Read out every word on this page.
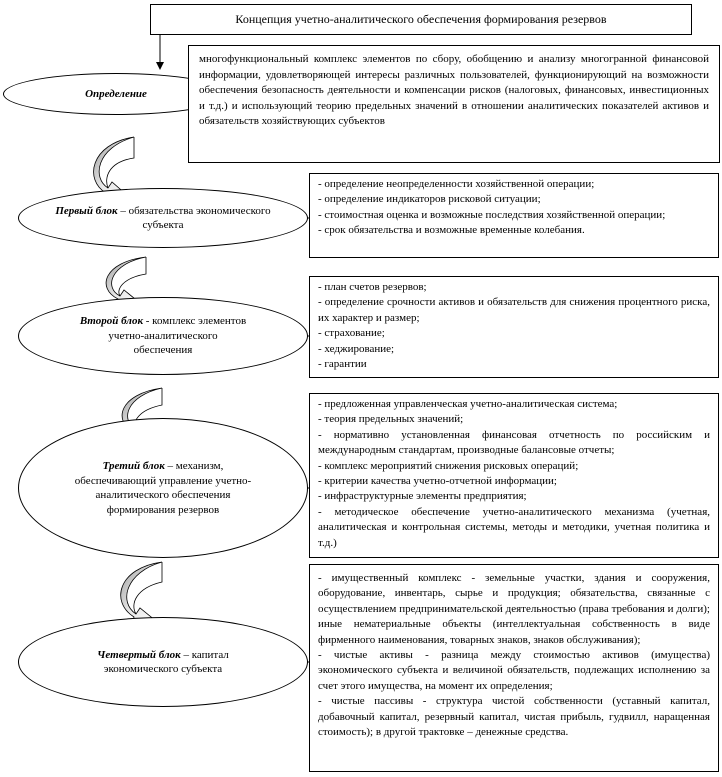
Концепция учетно-аналитического обеспечения формирования резервов
Определение
многофункциональный комплекс элементов по сбору, обобщению и анализу многогранной финансовой информации, удовлетворяющей интересы различных пользователей, функционирующий на возможности обеспечения безопасность деятельности и компенсации рисков (налоговых, финансовых, инвестиционных и т.д.) и использующий теорию предельных значений в отношении аналитических показателей активов и обязательств хозяйствующих субъектов
Первый блок – обязательства экономического субъекта
- определение неопределенности хозяйственной операции;
- определение индикаторов рисковой ситуации;
- стоимостная оценка и возможные последствия хозяйственной операции;
- срок обязательства и возможные временные колебания.
Второй блок - комплекс элементов учетно-аналитического обеспечения
- план счетов резервов;
- определение срочности активов и обязательств для снижения процентного риска, их характер и размер;
- страхование;
- хеджирование;
- гарантии
Третий блок – механизм, обеспечивающий управление учетно-аналитического обеспечения формирования резервов
- предложенная управленческая учетно-аналитическая система;
- теория предельных значений;
- нормативно установленная финансовая отчетность по российским и международным стандартам, производные балансовые отчеты;
- комплекс мероприятий снижения рисковых операций;
- критерии качества учетно-отчетной информации;
- инфраструктурные элементы предприятия;
- методическое обеспечение учетно-аналитического механизма (учетная, аналитическая и контрольная системы, методы и методики, учетная политика и т.д.)
Четвертый блок – капитал экономического субъекта
- имущественный комплекс - земельные участки, здания и сооружения, оборудование, инвентарь, сырье и продукция; обязательства, связанные с осуществлением предпринимательской деятельностью (права требования и долги); иные нематериальные объекты (интеллектуальная собственность в виде фирменного наименования, товарных знаков, знаков обслуживания);
- чистые активы - разница между стоимостью активов (имущества) экономического субъекта и величиной обязательств, подлежащих исполнению за счет этого имущества, на момент их определения;
- чистые пассивы - структура чистой собственности (уставный капитал, добавочный капитал, резервный капитал, чистая прибыль, гудвилл, наращенная стоимость); в другой трактовке – денежные средства.
